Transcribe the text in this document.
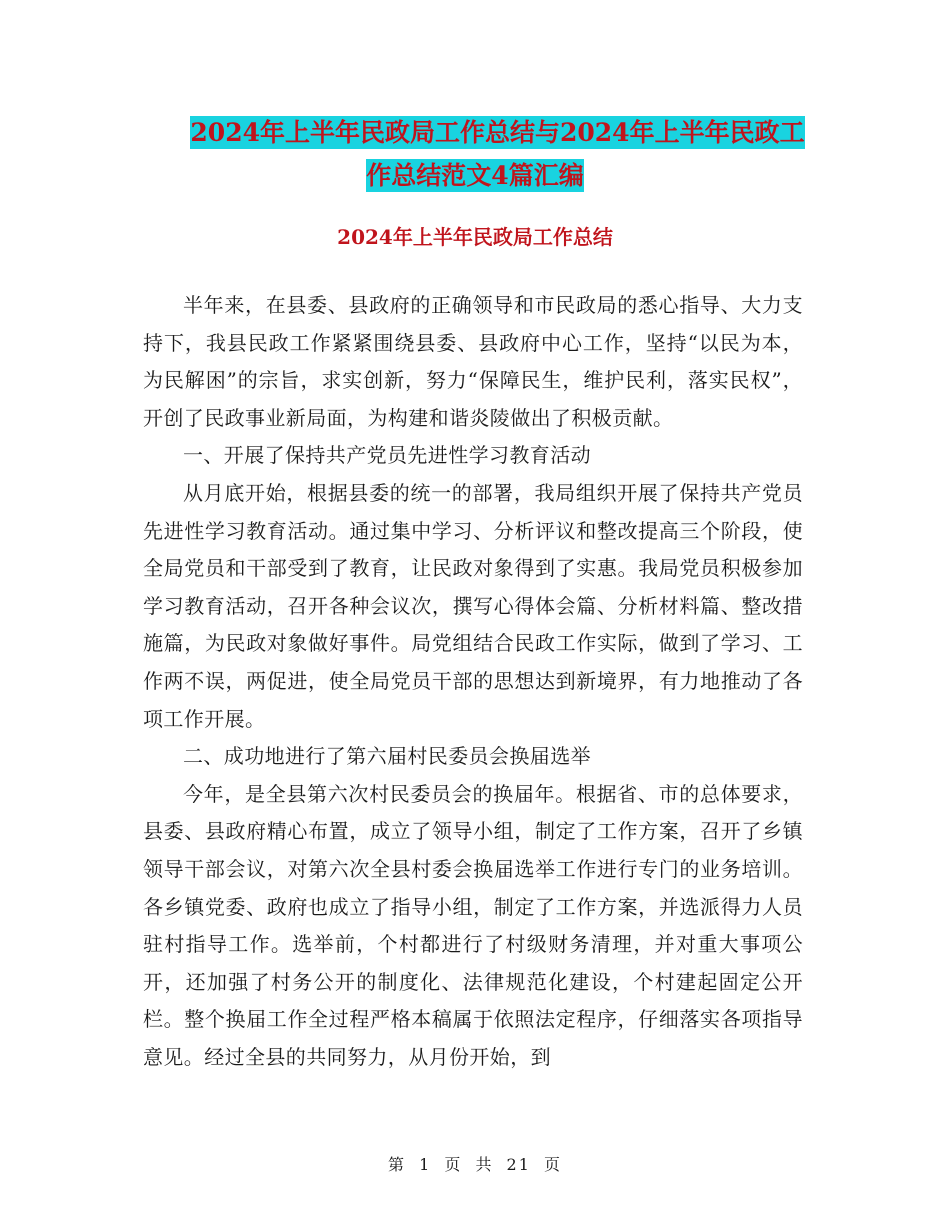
2024年上半年民政局工作总结与2024年上半年民政工
作总结范文4篇汇编
2024年上半年民政局工作总结

半年来，在县委、县政府的正确领导和市民政局的悉心指导、大力支持下，我县民政工作紧紧围绕县委、县政府中心工作，坚持“以民为本，为民解困”的宗旨，求实创新，努力“保障民生，维护民利，落实民权”，开创了民政事业新局面，为构建和谐炎陵做出了积极贡献。

一、开展了保持共产党员先进性学习教育活动

从月底开始，根据县委的统一的部署，我局组织开展了保持共产党员先进性学习教育活动。通过集中学习、分析评议和整改提高三个阶段，使全局党员和干部受到了教育，让民政对象得到了实惠。我局党员积极参加学习教育活动，召开各种会议次，撰写心得体会篇、分析材料篇、整改措施篇，为民政对象做好事件。局党组结合民政工作实际，做到了学习、工作两不误，两促进，使全局党员干部的思想达到新境界，有力地推动了各项工作开展。

二、成功地进行了第六届村民委员会换届选举

今年，是全县第六次村民委员会的换届年。根据省、市的总体要求，县委、县政府精心布置，成立了领导小组，制定了工作方案，召开了乡镇领导干部会议，对第六次全县村委会换届选举工作进行专门的业务培训。各乡镇党委、政府也成立了指导小组，制定了工作方案，并选派得力人员驻村指导工作。选举前，个村都进行了村级财务清理，并对重大事项公开，还加强了村务公开的制度化、法律规范化建设，个村建起固定公开栏。整个换届工作全过程严格本稿属于依照法定程序，仔细落实各项指导意见。经过全县的共同努力，从月份开始，到

第 1 页 共 21 页
